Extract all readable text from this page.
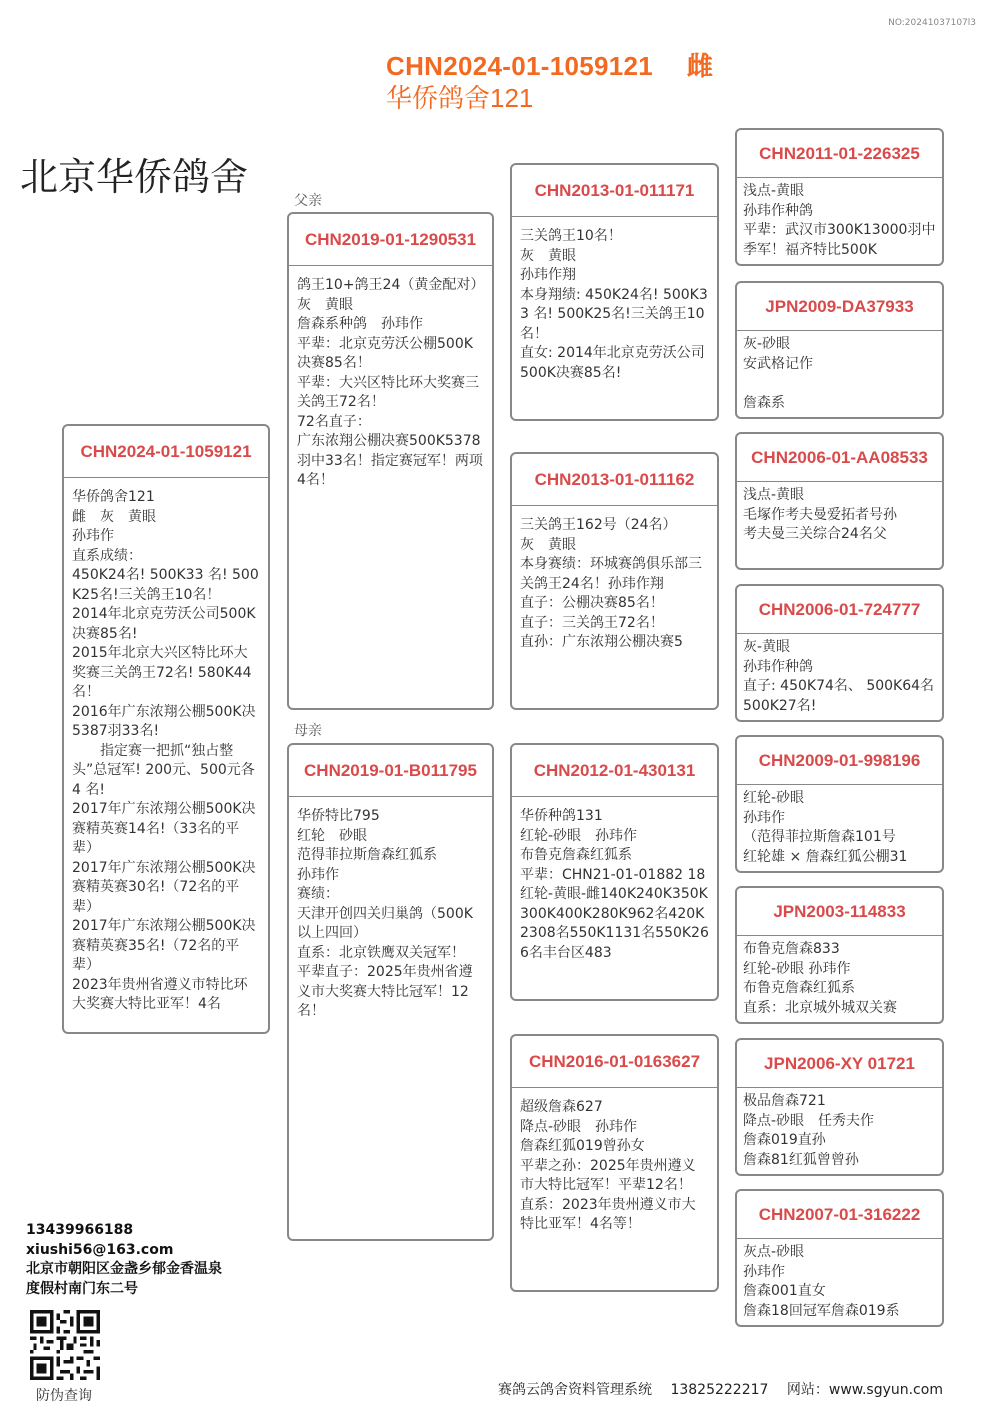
NO:20241037107l3
CHN2024-01-1059121　 雌
华侨鸽舍121
北京华侨鸽舍
父亲
母亲
CHN2024-01-1059121
华侨鸽舍121
雌　灰　黄眼
孙玮作
直系成绩：
450K24名! 500K33 名! 500K25名!三关鸽王10名！
2014年北京克劳沃公司500K决赛85名!
2015年北京大兴区特比环大奖赛三关鸽王72名! 580K44名！
2016年广东浓翔公棚500K决5387羽33名!
　　指定赛一把抓“独占整头”总冠军! 200元、500元各4 名!
2017年广东浓翔公棚500K决赛精英赛14名!（33名的平辈）
2017年广东浓翔公棚500K决赛精英赛30名!（72名的平辈）
2017年广东浓翔公棚500K决赛精英赛35名!（72名的平辈）
2023年贵州省遵义市特比环大奖赛大特比亚军！4名
CHN2019-01-1290531
鸽王10+鸽王24（黄金配对）
灰　黄眼
詹森系种鸽　孙玮作
平辈：北京克劳沃公棚500K决赛85名！
平辈：大兴区特比环大奖赛三关鸽王72名！
72名直子：
广东浓翔公棚决赛500K5378羽中33名！指定赛冠军！两项4名！
CHN2019-01-B011795
华侨特比795
红轮　砂眼
范得菲拉斯詹森红狐系
孙玮作
赛绩：
天津开创四关归巢鸽（500K以上四回）
直系：北京铁鹰双关冠军！
平辈直子：2025年贵州省遵义市大奖赛大特比冠军！12名！
CHN2013-01-011171
三关鸽王10名！
灰　黄眼
孙玮作翔
本身翔绩: 450K24名! 500K33 名! 500K25名!三关鸽王10名！
直女: 2014年北京克劳沃公司500K决赛85名!
CHN2013-01-011162
三关鸽王162号（24名）
灰　黄眼
本身赛绩：环城赛鸽俱乐部三关鸽王24名！孙玮作翔
直子：公棚决赛85名！
直子：三关鸽王72名！
直孙：广东浓翔公棚决赛5
CHN2012-01-430131
华侨种鸽131
红轮-砂眼　孙玮作
布鲁克詹森红狐系
平辈：CHN21-01-01882 18红轮-黄眼-雌140K240K350K300K400K280K962名420K2308名550K1131名550K266名丰台区483
CHN2016-01-0163627
超级詹森627
降点-砂眼　孙玮作
詹森红狐019曾孙女
平辈之孙：2025年贵州遵义市大特比冠军！平辈12名！
直系：2023年贵州遵义市大特比亚军！4名等！
CHN2011-01-226325
浅点-黄眼
孙玮作种鸽
平辈：武汉市300K13000羽中季军！福齐特比500K
JPN2009-DA37933
灰-砂眼
安武格记作

詹森系
CHN2006-01-AA08533
浅点-黄眼
毛塚作考夫曼爱拓者号孙
考夫曼三关综合24名父
CHN2006-01-724777
灰-黄眼
孙玮作种鸽
直子: 450K74名、 500K64名500K27名!
CHN2009-01-998196
红轮-砂眼
孙玮作
（范得菲拉斯詹森101号
红轮雄 × 詹森红狐公棚31
JPN2003-114833
布鲁克詹森833
红轮-砂眼 孙玮作
布鲁克詹森红狐系
直系：北京城外城双关赛
JPN2006-XY 01721
极品詹森721
降点-砂眼　任秀夫作
詹森019直孙
詹森81红狐曾曾孙
CHN2007-01-316222
灰点-砂眼
孙玮作
詹森001直女
詹森18回冠军詹森019系
13439966188
xiushi56@163.com
北京市朝阳区金盏乡郁金香温泉
度假村南门东二号
防伪查询	赛鸽云鸽舍资料管理系统　 13825222217　 网站：www.sgyun.com
